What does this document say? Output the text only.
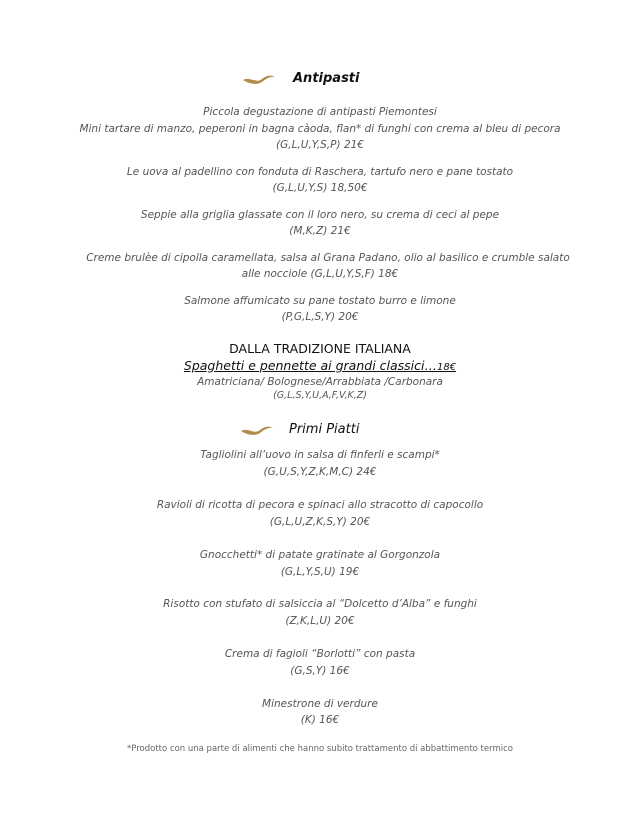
Antipasti
Piccola degustazione di antipasti Piemontesi
Mini tartare di manzo, peperoni in bagna càoda, flan* di funghi con crema al bleu di pecora
(G,L,U,Y,S,P) 21€
Le uova al padellino con fonduta di Raschera, tartufo nero e pane tostato
(G,L,U,Y,S) 18,50€
Seppie alla griglia glassate con il loro nero, su crema di ceci al pepe
(M,K,Z) 21€
Creme brulèe di cipolla caramellata, salsa al Grana Padano, olio al basilico e crumble salato
alle nocciole (G,L,U,Y,S,F) 18€
Salmone affumicato su pane tostato burro e limone
(P,G,L,S,Y) 20€
DALLA TRADIZIONE ITALIANA
Spaghetti e pennette ai grandi classici…18€
Amatriciana/ Bolognese/Arrabbiata /Carbonara
(G,L,S,Y,U,A,F,V,K,Z)
Primi Piatti
Tagliolini all’uovo in salsa di finferli e scampi*
(G,U,S,Y,Z,K,M,C) 24€
Ravioli di ricotta di pecora e spinaci allo stracotto di capocollo
(G,L,U,Z,K,S,Y) 20€
Gnocchetti* di patate gratinate al Gorgonzola
(G,L,Y,S,U) 19€
Risotto con stufato di salsiccia al “Dolcetto d’Alba” e funghi
(Z,K,L,U) 20€
Crema di fagioli “Borlotti” con pasta
(G,S,Y) 16€
Minestrone di verdure
(K) 16€
*Prodotto con una parte di alimenti che hanno subito trattamento di abbattimento termico
